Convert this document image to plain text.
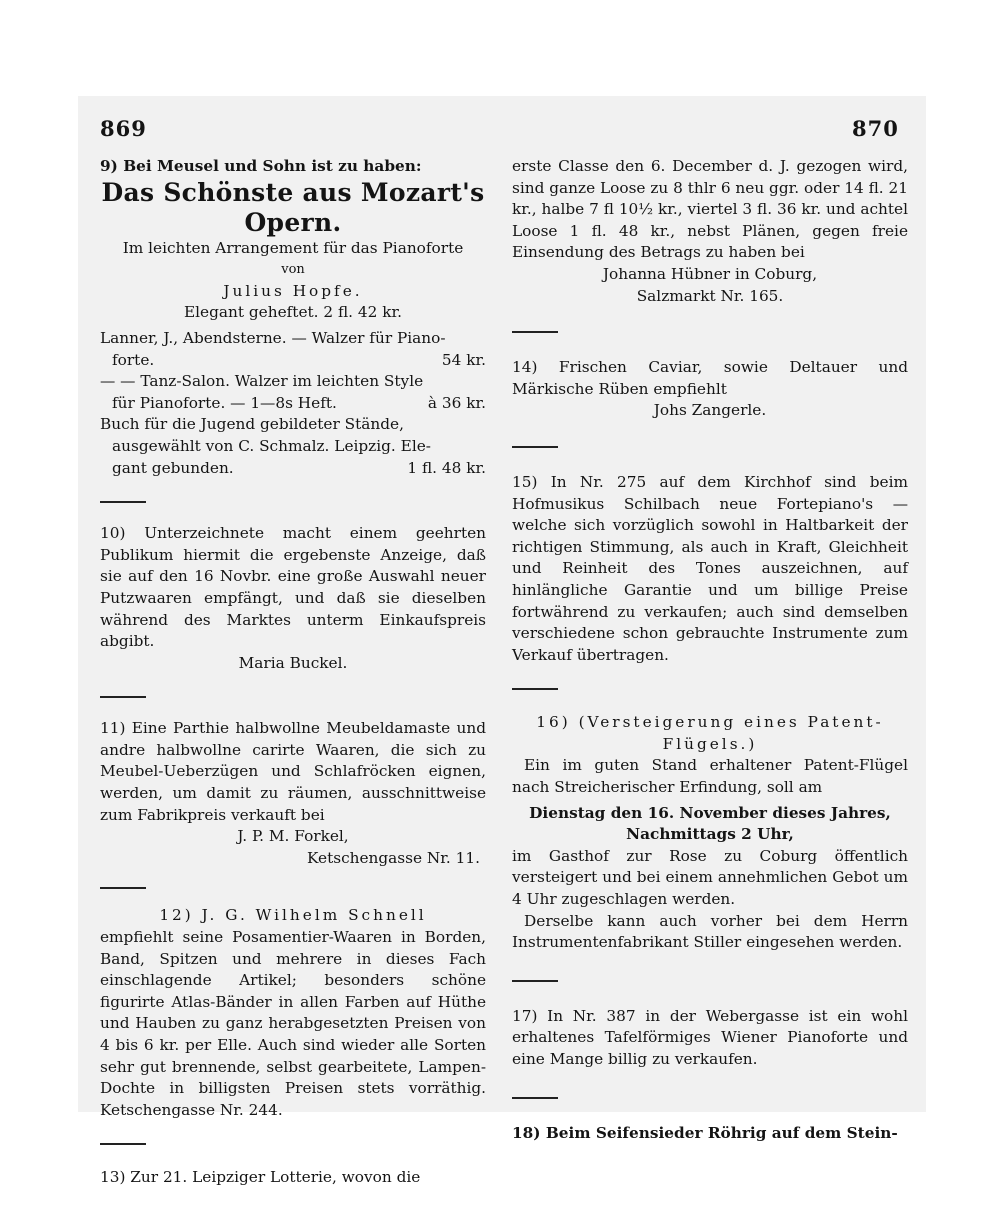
869	870

9) Bei Meusel und Sohn ist zu haben:

Das Schönste aus Mozart's Opern.

Im leichten Arrangement für das Pianoforte

von

Julius Hopfe.

Elegant geheftet. 2 fl. 42 kr.

Lanner, J., Abendsterne. — Walzer für Piano-

forte.	54 kr.

— — Tanz-Salon. Walzer im leichten Style

für Pianoforte. — 1—8s Heft.	à 36 kr.

Buch für die Jugend gebildeter Stände,

ausgewählt von C. Schmalz. Leipzig. Ele-

gant gebunden.	1 fl. 48 kr.

10) Unterzeichnete macht einem geehrten Publikum hiermit die ergebenste Anzeige, daß sie auf den 16 Novbr. eine große Auswahl neuer Putzwaaren empfängt, und daß sie dieselben während des Marktes unterm Einkaufspreis abgibt.

Maria Buckel.

11) Eine Parthie halbwollne Meubeldamaste und andre halbwollne carirte Waaren, die sich zu Meubel-Ueberzügen und Schlafröcken eignen, werden, um damit zu räumen, ausschnittweise zum Fabrikpreis verkauft bei

J. P. M. Forkel,

Ketschengasse Nr. 11.

12) J. G. Wilhelm Schnell

empfiehlt seine Posamentier-Waaren in Borden, Band, Spitzen und mehrere in dieses Fach einschlagende Artikel; besonders schöne figurirte Atlas-Bänder in allen Farben auf Hüthe und Hauben zu ganz herabgesetzten Preisen von 4 bis 6 kr. per Elle. Auch sind wieder alle Sorten sehr gut brennende, selbst gearbeitete, Lampen-Dochte in billigsten Preisen stets vorräthig. Ketschengasse Nr. 244.

13) Zur 21. Leipziger Lotterie, wovon die

erste Classe den 6. December d. J. gezogen wird, sind ganze Loose zu 8 thlr 6 neu ggr. oder 14 fl. 21 kr., halbe 7 fl 10½ kr., viertel 3 fl. 36 kr. und achtel Loose 1 fl. 48 kr., nebst Plänen, gegen freie Einsendung des Betrags zu haben bei

Johanna Hübner in Coburg,

Salzmarkt Nr. 165.

14) Frischen Caviar, sowie Deltauer und Märkische Rüben empfiehlt

Johs Zangerle.

15) In Nr. 275 auf dem Kirchhof sind beim Hofmusikus Schilbach neue Fortepiano's — welche sich vorzüglich sowohl in Haltbarkeit der richtigen Stimmung, als auch in Kraft, Gleichheit und Reinheit des Tones auszeichnen, auf hinlängliche Garantie und um billige Preise fortwährend zu verkaufen; auch sind demselben verschiedene schon gebrauchte Instrumente zum Verkauf übertragen.

16) (Versteigerung eines Patent-Flügels.)

Ein im guten Stand erhaltener Patent-Flügel nach Streicherischer Erfindung, soll am

Dienstag den 16. November dieses Jahres,

Nachmittags 2 Uhr,

im Gasthof zur Rose zu Coburg öffentlich versteigert und bei einem annehmlichen Gebot um 4 Uhr zugeschlagen werden.

Derselbe kann auch vorher bei dem Herrn Instrumentenfabrikant Stiller eingesehen werden.

17) In Nr. 387 in der Webergasse ist ein wohl erhaltenes Tafelförmiges Wiener Pianoforte und eine Mange billig zu verkaufen.

18) Beim Seifensieder Röhrig auf dem Stein-
